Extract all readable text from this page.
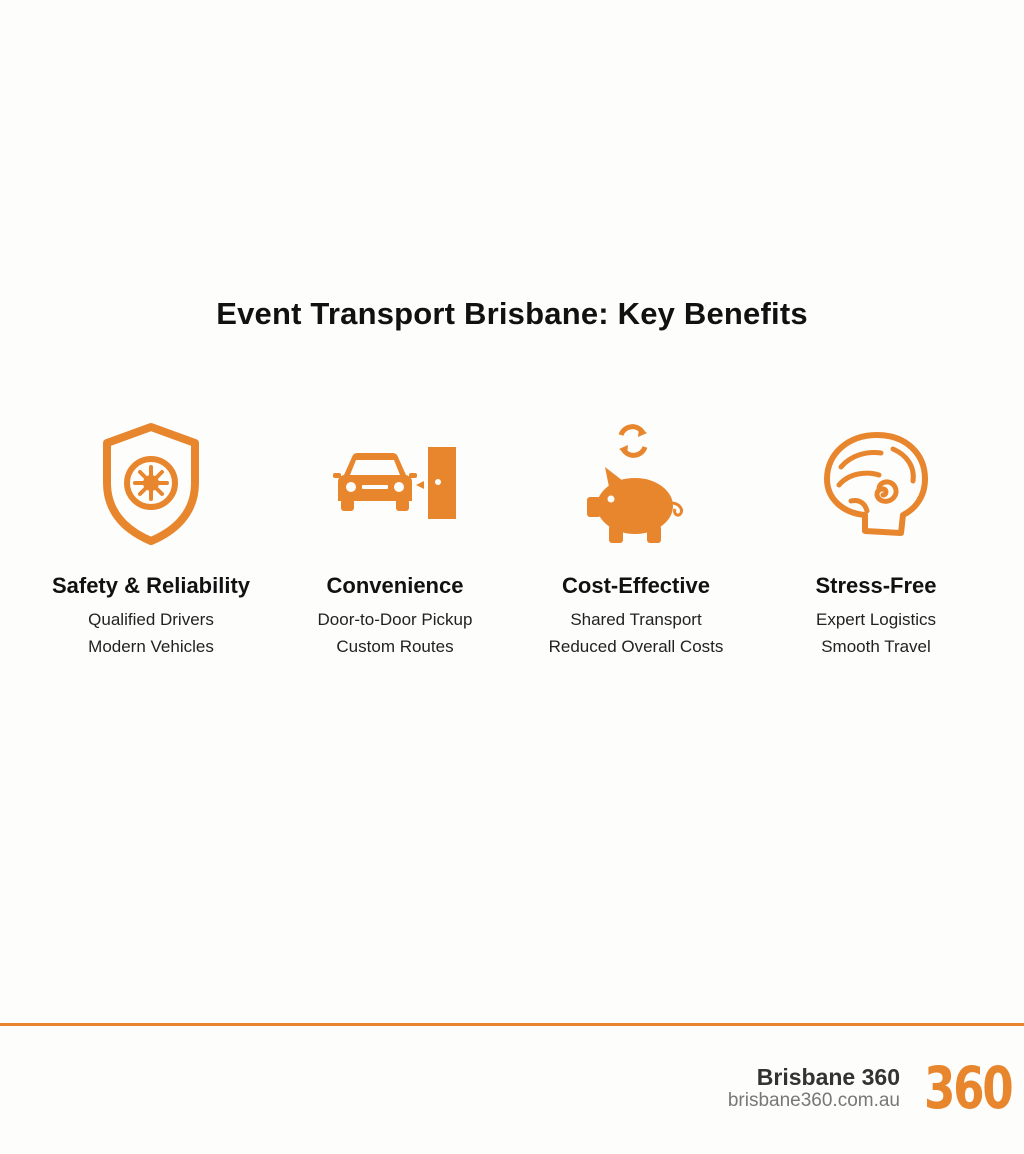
Event Transport Brisbane: Key Benefits
Safety & Reliability
Qualified Drivers
Modern Vehicles
Convenience
Door-to-Door Pickup
Custom Routes
Cost-Effective
Shared Transport
Reduced Overall Costs
Stress-Free
Expert Logistics
Smooth Travel
Brisbane 360
brisbane360.com.au 360
